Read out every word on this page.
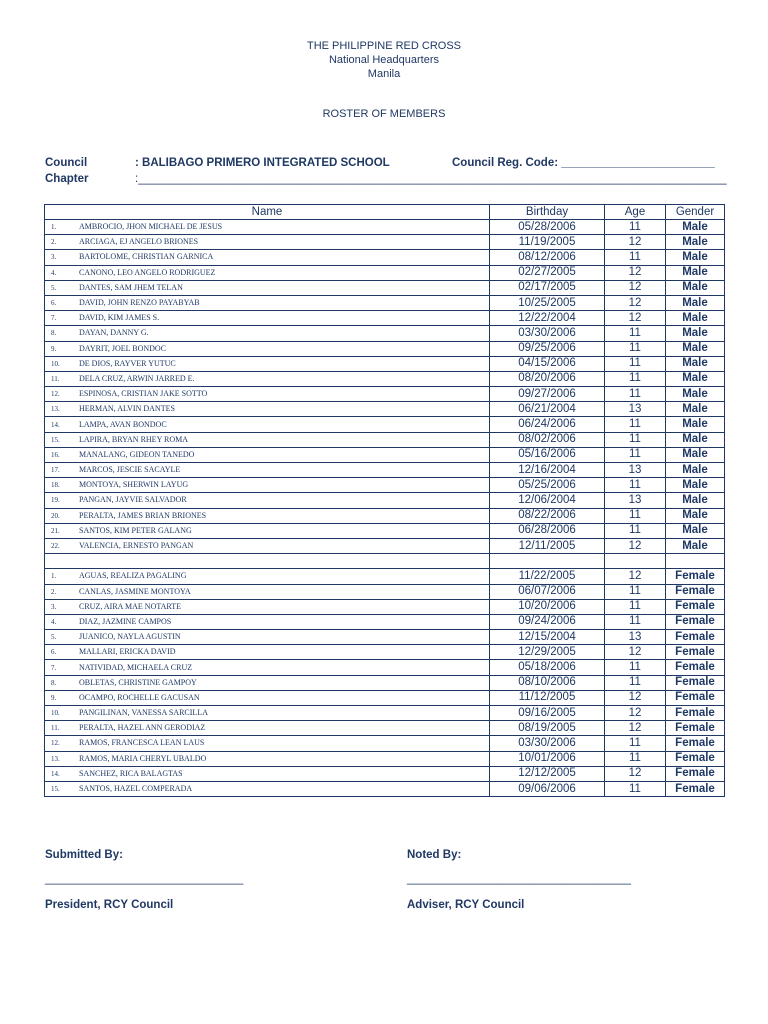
THE PHILIPPINE RED CROSS
National Headquarters
Manila
ROSTER OF MEMBERS
Council	: BALIBAGO PRIMERO INTEGRATED SCHOOL	Council Reg. Code: ________________________
Chapter	:____________________________________________________________________________________________
Name	Birthday	Age	Gender
1. AMBROCIO, JHON MICHAEL DE JESUS	05/28/2006	11	Male
2. ARCIAGA, EJ ANGELO BRIONES	11/19/2005	12	Male
3. BARTOLOME, CHRISTIAN GARNICA	08/12/2006	11	Male
4. CANONO, LEO ANGELO RODRIGUEZ	02/27/2005	12	Male
5. DANTES, SAM JHEM TELAN	02/17/2005	12	Male
6. DAVID, JOHN RENZO PAYABYAB	10/25/2005	12	Male
7. DAVID, KIM JAMES S.	12/22/2004	12	Male
8. DAYAN, DANNY G.	03/30/2006	11	Male
9. DAYRIT, JOEL BONDOC	09/25/2006	11	Male
10. DE DIOS, RAYVER YUTUC	04/15/2006	11	Male
11. DELA CRUZ, ARWIN JARRED E.	08/20/2006	11	Male
12. ESPINOSA, CRISTIAN JAKE SOTTO	09/27/2006	11	Male
13. HERMAN, ALVIN DANTES	06/21/2004	13	Male
14. LAMPA, AVAN BONDOC	06/24/2006	11	Male
15. LAPIRA, BRYAN RHEY ROMA	08/02/2006	11	Male
16. MANALANG, GIDEON TANEDO	05/16/2006	11	Male
17. MARCOS, JESCIE SACAYLE	12/16/2004	13	Male
18. MONTOYA, SHERWIN LAYUG	05/25/2006	11	Male
19. PANGAN, JAYVIE SALVADOR	12/06/2004	13	Male
20. PERALTA, JAMES BRIAN BRIONES	08/22/2006	11	Male
21. SANTOS, KIM PETER GALANG	06/28/2006	11	Male
22. VALENCIA, ERNESTO PANGAN	12/11/2005	12	Male

1. AGUAS, REALIZA PAGALING	11/22/2005	12	Female
2. CANLAS, JASMINE MONTOYA	06/07/2006	11	Female
3. CRUZ, AIRA MAE NOTARTE	10/20/2006	11	Female
4. DIAZ, JAZMINE CAMPOS	09/24/2006	11	Female
5. JUANICO, NAYLA AGUSTIN	12/15/2004	13	Female
6. MALLARI, ERICKA DAVID	12/29/2005	12	Female
7. NATIVIDAD, MICHAELA CRUZ	05/18/2006	11	Female
8. OBLETAS, CHRISTINE GAMPOY	08/10/2006	11	Female
9. OCAMPO, ROCHELLE GACUSAN	11/12/2005	12	Female
10. PANGILINAN, VANESSA SARCILLA	09/16/2005	12	Female
11. PERALTA, HAZEL ANN GERODIAZ	08/19/2005	12	Female
12. RAMOS, FRANCESCA LEAN LAUS	03/30/2006	11	Female
13. RAMOS, MARIA CHERYL UBALDO	10/01/2006	11	Female
14. SANCHEZ, RICA BALAGTAS	12/12/2005	12	Female
15. SANTOS, HAZEL COMPERADA	09/06/2006	11	Female
Submitted By:
_______________________________
President, RCY Council
Noted By:
___________________________________
Adviser, RCY Council
